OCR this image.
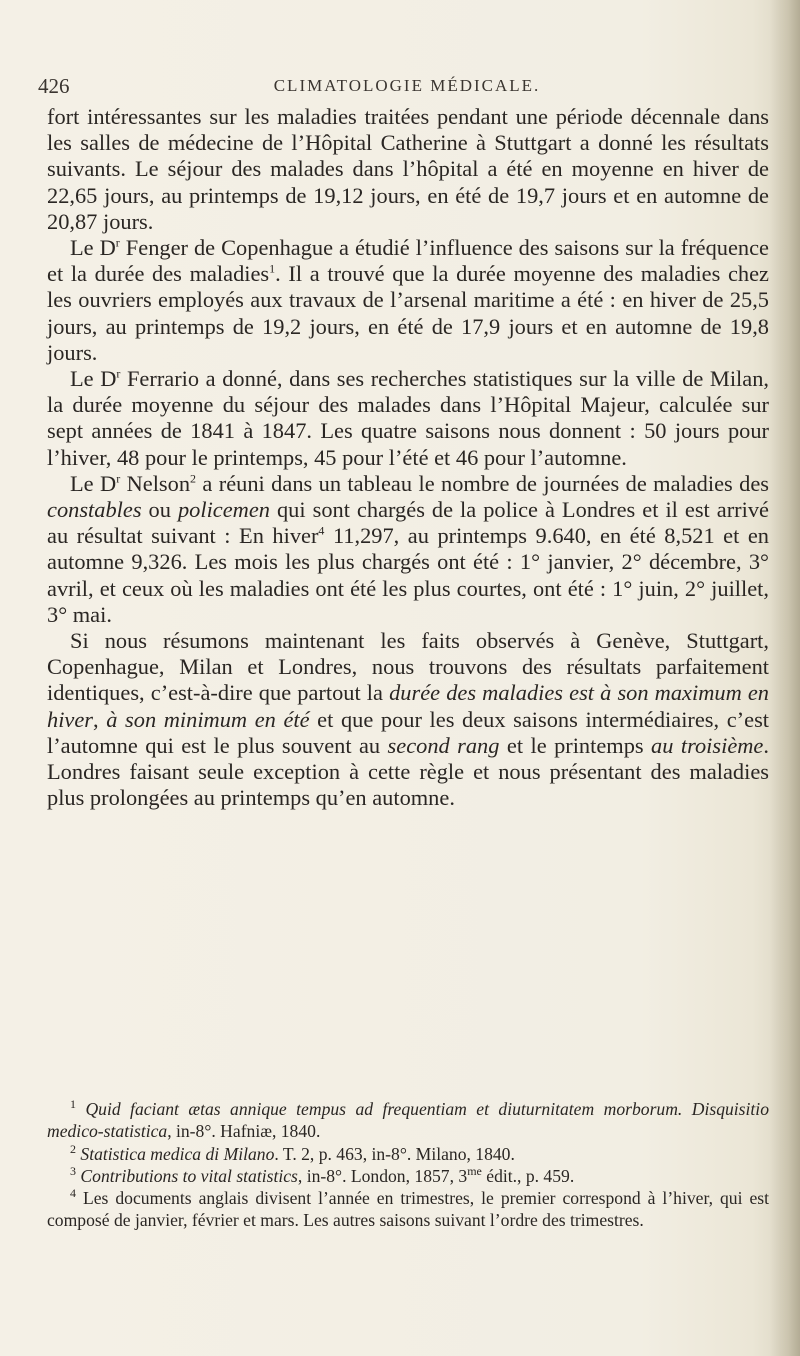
426	CLIMATOLOGIE MÉDICALE.

fort intéressantes sur les maladies traitées pendant une période décennale dans les salles de médecine de l’Hôpital Catherine à Stuttgart a donné les résultats suivants. Le séjour des malades dans l’hôpital a été en moyenne en hiver de 22,65 jours, au printemps de 19,12 jours, en été de 19,7 jours et en automne de 20,87 jours.

Le D$^r$ Fenger de Copenhague a étudié l’influence des saisons sur la fréquence et la durée des maladies$^1$. Il a trouvé que la durée moyenne des maladies chez les ouvriers employés aux travaux de l’arsenal maritime a été : en hiver de 25,5 jours, au printemps de 19,2 jours, en été de 17,9 jours et en automne de 19,8 jours.

Le D$^r$ Ferrario a donné, dans ses recherches statistiques sur la ville de Milan, la durée moyenne du séjour des malades dans l’Hôpital Majeur, calculée sur sept années de 1841 à 1847. Les quatre saisons nous donnent : 50 jours pour l’hiver, 48 pour le printemps, 45 pour l’été et 46 pour l’automne.

Le D$^r$ Nelson$^2$ a réuni dans un tableau le nombre de journées de maladies des constables ou policemen qui sont chargés de la police à Londres et il est arrivé au résultat suivant : En hiver$^4$ 11,297, au printemps 9.640, en été 8,521 et en automne 9,326. Les mois les plus chargés ont été : 1° janvier, 2° décembre, 3° avril, et ceux où les maladies ont été les plus courtes, ont été : 1° juin, 2° juillet, 3° mai.

Si nous résumons maintenant les faits observés à Genève, Stuttgart, Copenhague, Milan et Londres, nous trouvons des résultats parfaitement identiques, c’est-à-dire que partout la durée des maladies est à son maximum en hiver, à son minimum en été et que pour les deux saisons intermédiaires, c’est l’automne qui est le plus souvent au second rang et le printemps au troisième. Londres faisant seule exception à cette règle et nous présentant des maladies plus prolongées au printemps qu’en automne.

$^1$ Quid faciant ætas annique tempus ad frequentiam et diuturnitatem morborum. Disquisitio medico-statistica, in-8°. Hafniæ, 1840.

$^2$ Statistica medica di Milano. T. 2, p. 463, in-8°. Milano, 1840.

$^3$ Contributions to vital statistics, in-8°. London, 1857, 3$^{me}$ édit., p. 459.

$^4$ Les documents anglais divisent l’année en trimestres, le premier correspond à l’hiver, qui est composé de janvier, février et mars. Les autres saisons suivant l’ordre des trimestres.
